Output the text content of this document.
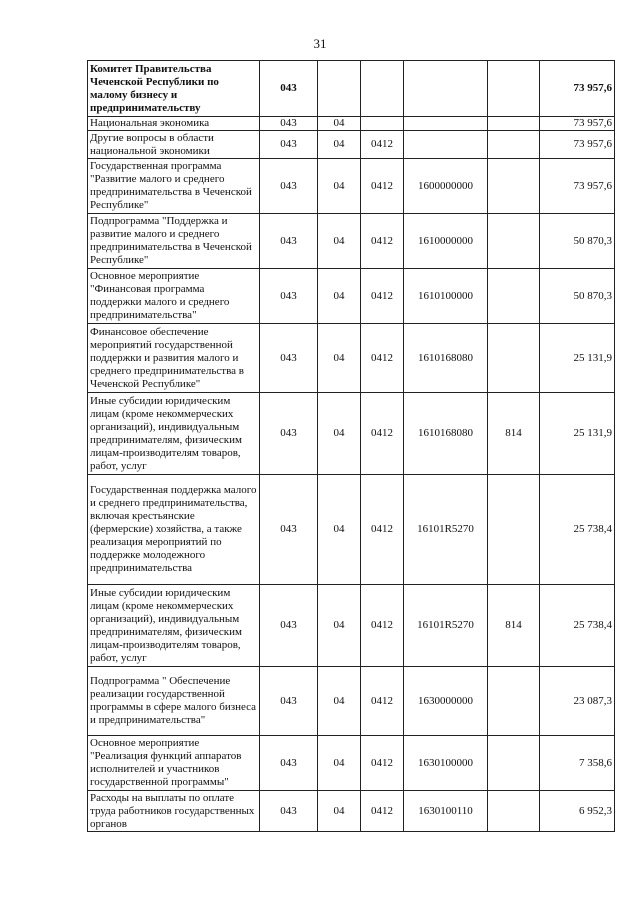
31
Комитет Правительства Чеченской Республики по малому бизнесу и предпринимательству	043					73 957,6
Национальная экономика	043	04				73 957,6
Другие вопросы в области национальной экономики	043	04	0412			73 957,6
Государственная программа "Развитие малого и среднего предпринимательства в Чеченской Республике"	043	04	0412	1600000000		73 957,6
Подпрограмма "Поддержка и развитие малого и среднего предпринимательства в Чеченской Республике"	043	04	0412	1610000000		50 870,3
Основное мероприятие "Финансовая программа поддержки малого и среднего предпринимательства"	043	04	0412	1610100000		50 870,3
Финансовое обеспечение мероприятий государственной поддержки и развития малого и среднего предпринимательства в Чеченской Республике"	043	04	0412	1610168080		25 131,9
Иные субсидии юридическим лицам (кроме некоммерческих организаций), индивидуальным предпринимателям, физическим лицам-производителям товаров, работ, услуг	043	04	0412	1610168080	814	25 131,9
Государственная поддержка малого и среднего предпринимательства, включая крестьянские (фермерские) хозяйства, а также реализация мероприятий по поддержке молодежного предпринимательства	043	04	0412	16101R5270		25 738,4
Иные субсидии юридическим лицам (кроме некоммерческих организаций), индивидуальным предпринимателям, физическим лицам-производителям товаров, работ, услуг	043	04	0412	16101R5270	814	25 738,4
Подпрограмма " Обеспечение реализации государственной программы в сфере малого бизнеса и предпринимательства"	043	04	0412	1630000000		23 087,3
Основное мероприятие "Реализация функций аппаратов исполнителей и участников государственной программы"	043	04	0412	1630100000		7 358,6
Расходы на выплаты по оплате труда работников государственных органов	043	04	0412	1630100110		6 952,3
